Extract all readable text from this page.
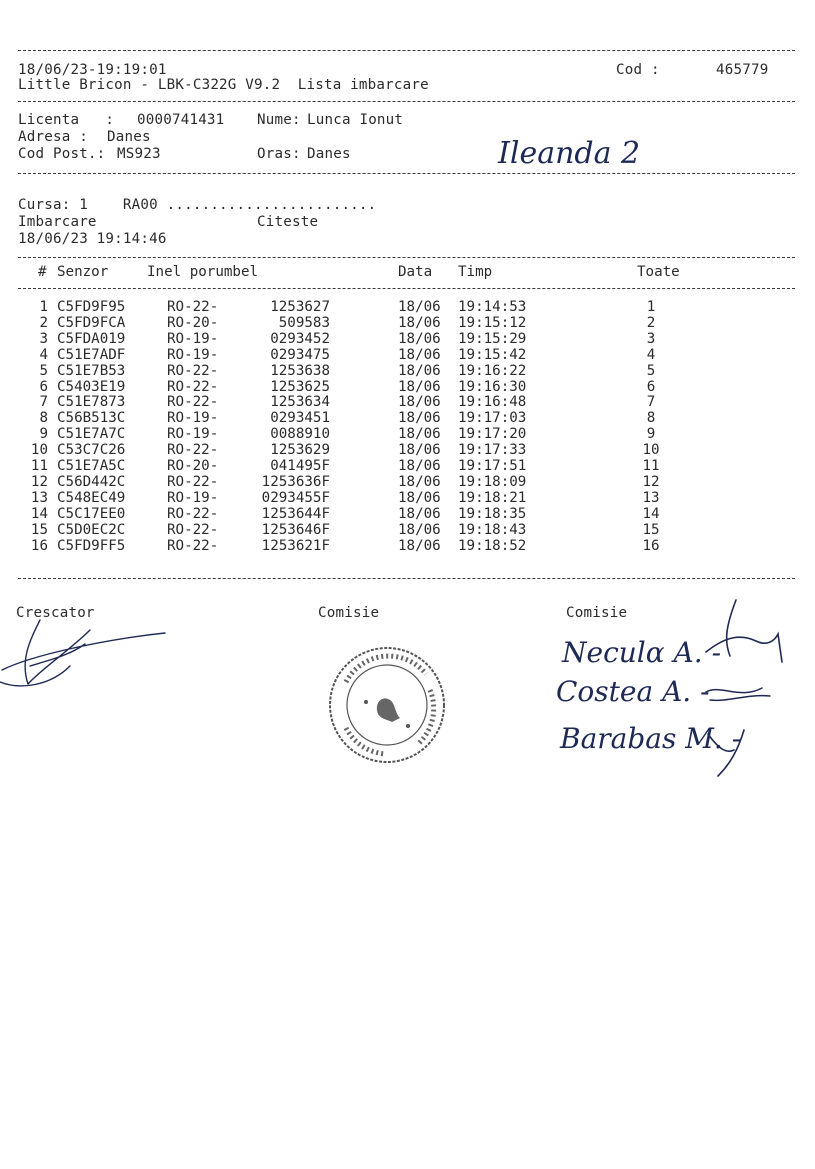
18/06/23-19:19:01	Cod :	465779
Little Bricon - LBK-C322G V9.2  Lista imbarcare
Licenta   : 0000741431 Nume: Lunca Ionut
Adresa : Danes
Cod Post.: MS923	Oras: Danes	Ileanda 2
Cursa: 1    RA00 ........................
Imbarcare	Citeste
18/06/23 19:14:46
# Senzor	Inel porumbel	Data Timp	Toate
1 C5FD9F95	RO-22-	1253627	18/06 19:14:53	1
2 C5FD9FCA	RO-20-	509583	18/06 19:15:12	2
3 C5FDA019	RO-19-	0293452	18/06 19:15:29	3
4 C51E7ADF	RO-19-	0293475	18/06 19:15:42	4
5 C51E7B53	RO-22-	1253638	18/06 19:16:22	5
6 C5403E19	RO-22-	1253625	18/06 19:16:30	6
7 C51E7873	RO-22-	1253634	18/06 19:16:48	7
8 C56B513C	RO-19-	0293451	18/06 19:17:03	8
9 C51E7A7C	RO-19-	0088910	18/06 19:17:20	9
10 C53C7C26	RO-22-	1253629	18/06 19:17:33	10
11 C51E7A5C	RO-20-	041495F	18/06 19:17:51	11
12 C56D442C	RO-22-	1253636F	18/06 19:18:09	12
13 C548EC49	RO-19-	0293455F	18/06 19:18:21	13
14 C5C17EE0	RO-22-	1253644F	18/06 19:18:35	14
15 C5D0EC2C	RO-22-	1253646F	18/06 19:18:43	15
16 C5FD9FF5	RO-22-	1253621F	18/06 19:18:52	16
Crescator	Comisie	Comisie
Neculα A. -
Costea A. -
Barabas M. -
